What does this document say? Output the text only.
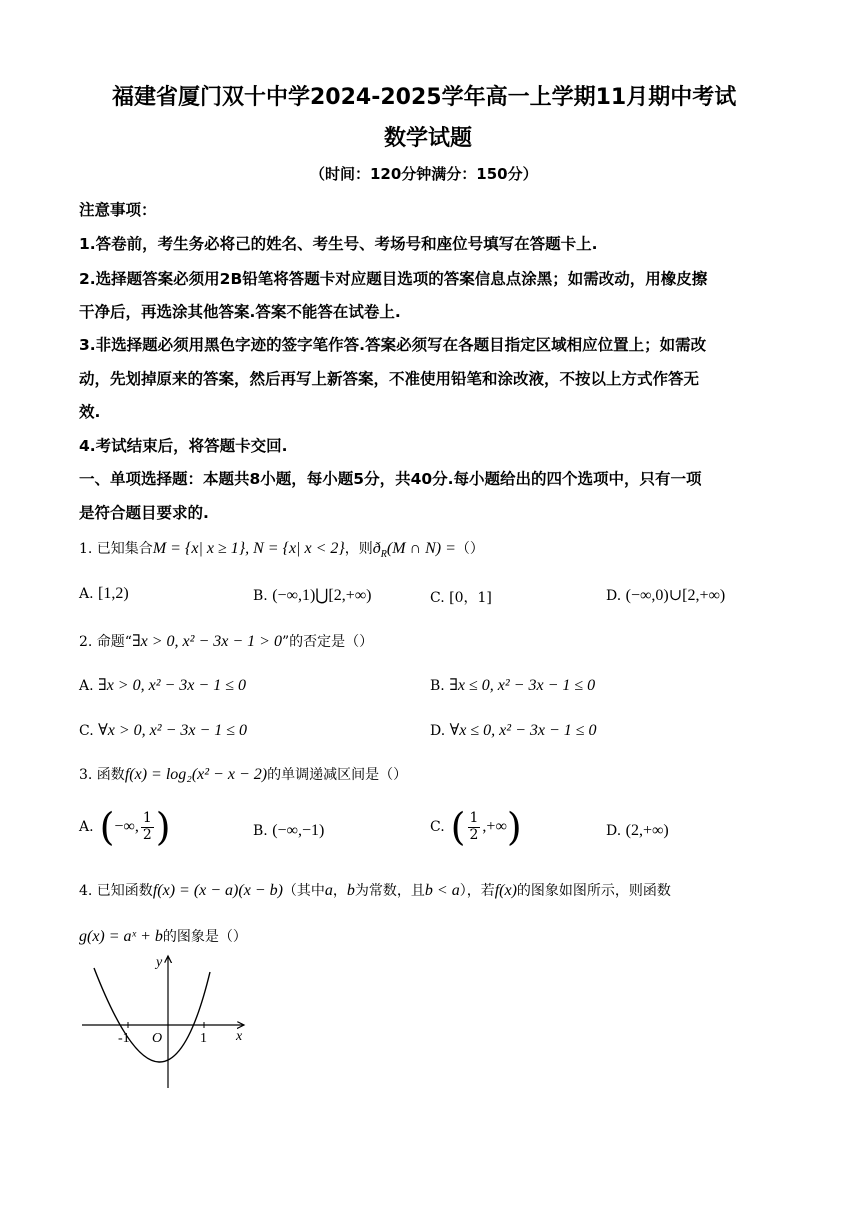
福建省厦门双十中学2024-2025学年高一上学期11月期中考试
数学试题
（时间：120分钟满分：150分）
注意事项：
1.答卷前，考生务必将己的姓名、考生号、考场号和座位号填写在答题卡上.
2.选择题答案必须用2B铅笔将答题卡对应题目选项的答案信息点涂黑；如需改动，用橡皮擦
干净后，再选涂其他答案.答案不能答在试卷上.
3.非选择题必须用黑色字迹的签字笔作答.答案必须写在各题目指定区域相应位置上；如需改
动，先划掉原来的答案，然后再写上新答案，不准使用铅笔和涂改液，不按以上方式作答无
效.
4.考试结束后，将答题卡交回.
一、单项选择题：本题共8小题，每小题5分，共40分.每小题给出的四个选项中，只有一项
是符合题目要求的.
1. 已知集合M = {x| x ≥ 1}, N = {x| x < 2}，则$ð_R(M$ ∩ N) =（）
A. [1,2)	B. (−∞,1)⋃[2,+∞)	C. [0，1]	D. (−∞,0)∪[2,+∞)
2. 命题“∃x > 0, x² − 3x − 1 > 0”的否定是（）
A. ∃x > 0, x² − 3x − 1 ≤ 0	B. ∃x ≤ 0, x² − 3x − 1 ≤ 0
C. ∀x > 0, x² − 3x − 1 ≤ 0	D. ∀x ≤ 0, x² − 3x − 1 ≤ 0
3. 函数f(x) = log₂(x² − x − 2)的单调递减区间是（）
A. ( −∞, $\frac{1}{2}$ )	B. (−∞,−1)	C. ( $\frac{1}{2}$ ,+∞ )	D. (2,+∞)
4. 已知函数f(x) = (x − a)(x − b)（其中a，b为常数，且b < a），若f(x)的图象如图所示，则函数
g(x) = aˣ + b的图象是（）
y
x
O
-1	1
